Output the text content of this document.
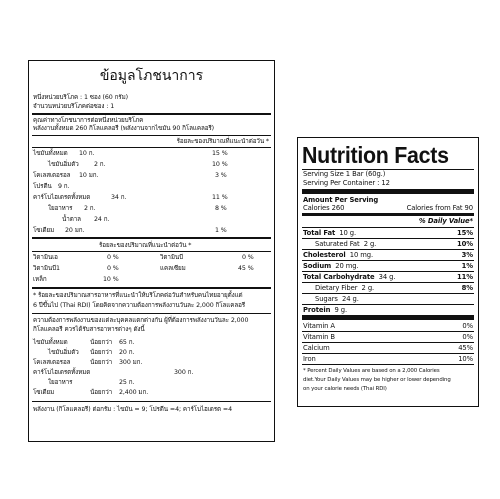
ข้อมูลโภชนาการ
หนึ่งหน่วยบริโภค : 1 ซอง (60 กรัม)
จำนวนหน่วยบริโภคต่อซอง : 1
คุณค่าทางโภชนาการต่อหนึ่งหน่วยบริโภค
พลังงานทั้งหมด 260 กิโลแคลอรี (พลังงานจากไขมัน 90 กิโลแคลอรี)
ร้อยละของปริมาณที่แนะนำต่อวัน *
ไขมันทั้งหมด 10 ก.	15 %
ไขมันอิ่มตัว 2 ก.	10 %
โคเลสเตอรอล 10 มก.	3 %
โปรตีน 9 ก.
คาร์โบไฮเดรตทั้งหมด	34 ก.	11 %
ใยอาหาร 2 ก.	8 %
น้ำตาล 24 ก.
โซเดียม 20 มก.	1 %
ร้อยละของปริมาณที่แนะนำต่อวัน *
วิตามินเอ	0 %	วิตามินบี	0 %
วิตามินบี1	0 %	แคลเซียม	45 %
เหล็ก	10 %
* ร้อยละของปริมาณสารอาหารที่แนะนำให้บริโภคต่อวันสำหรับคนไทยอายุตั้งแต่
6 ปีขึ้นไป (Thai RDI) โดยคิดจากความต้องการพลังงานวันละ 2,000 กิโลแคลอรี
ความต้องการพลังงานของแต่ละบุคคลแตกต่างกัน ผู้ที่ต้องการพลังงานวันละ 2,000
กิโลแคลอรี ควรได้รับสารอาหารต่างๆ ดังนี้
ไขมันทั้งหมด	น้อยกว่า 65 ก.
ไขมันอิ่มตัว น้อยกว่า 20 ก.
โคเลสเตอรอล	น้อยกว่า 300 มก.
คาร์โบไฮเดรตทั้งหมด	300 ก.
ใยอาหาร	25 ก.
โซเดียม	น้อยกว่า 2,400 มก.
พลังงาน (กิโลแคลอรี) ต่อกรัม : ไขมัน = 9; โปรตีน =4; คาร์โบไฮเดรต =4
Nutrition Facts
Serving Size 1 Bar (60g.)
Serving Per Container : 12
Amount Per Serving
Calories 260	Calories from Fat 90
% Daily Value*
Total Fat 10 g.	15%
Saturated Fat 2 g.	10%
Cholesterol 10 mg.	3%
Sodium 20 mg.	1%
Total Carbohydrate 34 g.	11%
Dietary Fiber 2 g.	8%
Sugars 24 g.
Protein 9 g.
Vitamin A	0%
Vitamin B	0%
Calcium	45%
Iron	10%
* Percent Daily Values are based on a 2,000 Calories
diet.Your Daily Values may be higher or lower depending
on your calorie needs (Thai RDI)
